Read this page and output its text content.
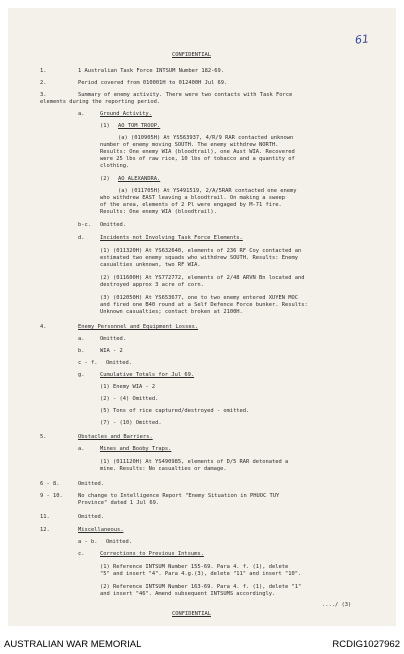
61
CONFIDENTIAL
1.	1 Australian Task Force INTSUM Number 182-69.
2.	Period covered from 010001H to 012400H Jul 69.
3.	Summary of enemy activity. There were two contacts with Task Force
elements during the reporting period.
a.	Ground Activity.
(1) AO TOM TROOP.
(a) (010905H) At YS563937, 4/R/9 RAR contacted unknown
number of enemy moving SOUTH. The enemy withdrew NORTH.
Results: One enemy WIA (bloodtrail), one Aust WIA. Recovered
were 25 lbs of raw rice, 10 lbs of tobacco and a quantity of
clothing.
(2) AO ALEXANDRA.
(a) (011705H) At YS491519, 2/A/5RAR contacted one enemy
who withdrew EAST leaving a bloodtrail. On making a sweep
of the area, elements of 2 Pl were engaged by M-71 fire.
Results: One enemy WIA (bloodtrail).
b-c. Omitted.
d.	Incidents not Involving Task Force Elements.
(1) (011320H) At YS632640, elements of 236 RF Coy contacted an
estimated two enemy squads who withdrew SOUTH. Results: Enemy
casualties unknown, two RF WIA.
(2) (011600H) At YS772772, elements of 2/48 ARVN Bn located and
destroyed approx 3 acre of corn.
(3) (012050H) At YS653677, one to two enemy entered XUYEN MOC
and fired one B40 round at a Self Defence Force bunker. Results:
Unknown casualties; contact broken at 2100H.
4.	Enemy Personnel and Equipment Losses.
a.	Omitted.
b.	WIA - 2
c - f. Omitted.
g.	Cumulative Totals for Jul 69.
(1) Enemy WIA - 2
(2) - (4) Omitted.
(5) Tons of rice captured/destroyed - omitted.
(7) - (10) Omitted.
5.	Obstacles and Barriers.
a.	Mines and Booby Traps.
(1) (011120H) At YS490985, elements of D/5 RAR detonated a
mine. Results: No casualties or damage.
6 - 8.	Omitted.
9 - 10.	No change to Intelligence Report "Enemy Situation in PHUOC TUY
Province" dated 1 Jul 69.
11.	Omitted.
12.	Miscellaneous.
a - b. Omitted.
c.	Corrections to Previous Intsums.
(1) Reference INTSUM Number 155-69. Para 4. f. (1), delete
"5" and insert "4". Para 4.g.(3), delete "11" and insert "10".
(2) Reference INTSUM Number 163-69. Para 4. f. (1), delete "1"
and insert "46". Amend subsequent INTSUMS accordingly.
..../ (3)
CONFIDENTIAL
AUSTRALIAN WAR MEMORIAL	RCDIG1027962
